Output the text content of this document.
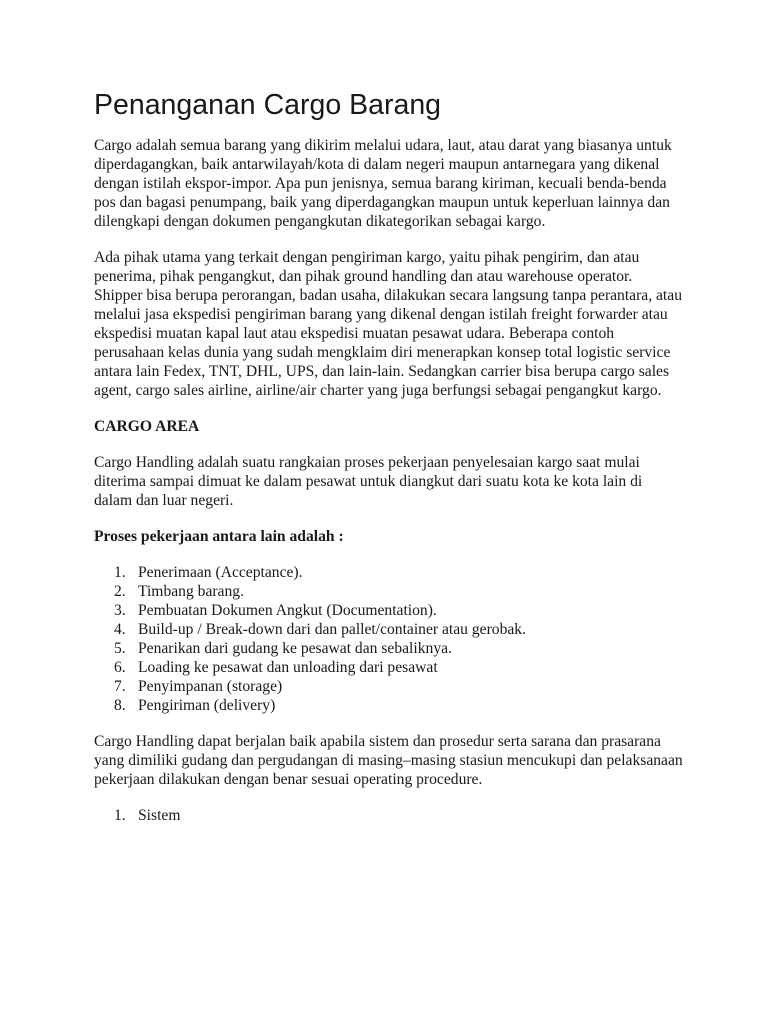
Penanganan Cargo Barang

Cargo adalah semua barang yang dikirim melalui udara, laut, atau darat yang biasanya untuk diperdagangkan, baik antarwilayah/kota di dalam negeri maupun antarnegara yang dikenal dengan istilah ekspor-impor. Apa pun jenisnya, semua barang kiriman, kecuali benda-benda pos dan bagasi penumpang, baik yang diperdagangkan maupun untuk keperluan lainnya dan dilengkapi dengan dokumen pengangkutan dikategorikan sebagai kargo.

Ada pihak utama yang terkait dengan pengiriman kargo, yaitu pihak pengirim, dan atau penerima, pihak pengangkut, dan pihak ground handling dan atau warehouse operator. Shipper bisa berupa perorangan, badan usaha, dilakukan secara langsung tanpa perantara, atau melalui jasa ekspedisi pengiriman barang yang dikenal dengan istilah freight forwarder atau ekspedisi muatan kapal laut atau ekspedisi muatan pesawat udara. Beberapa contoh perusahaan kelas dunia yang sudah mengklaim diri menerapkan konsep total logistic service antara lain Fedex, TNT, DHL, UPS, dan lain-lain. Sedangkan carrier bisa berupa cargo sales agent, cargo sales airline, airline/air charter yang juga berfungsi sebagai pengangkut kargo.

CARGO AREA

Cargo Handling adalah suatu rangkaian proses pekerjaan penyelesaian kargo saat mulai diterima sampai dimuat ke dalam pesawat untuk diangkut dari suatu kota ke kota lain di dalam dan luar negeri.

Proses pekerjaan antara lain adalah :

1. Penerimaan (Acceptance).
2. Timbang barang.
3. Pembuatan Dokumen Angkut (Documentation).
4. Build-up / Break-down dari dan pallet/container atau gerobak.
5. Penarikan dari gudang ke pesawat dan sebaliknya.
6. Loading ke pesawat dan unloading dari pesawat
7. Penyimpanan (storage)
8. Pengiriman (delivery)

Cargo Handling dapat berjalan baik apabila sistem dan prosedur serta sarana dan prasarana yang dimiliki gudang dan pergudangan di masing–masing stasiun mencukupi dan pelaksanaan pekerjaan dilakukan dengan benar sesuai operating procedure.

1. Sistem
